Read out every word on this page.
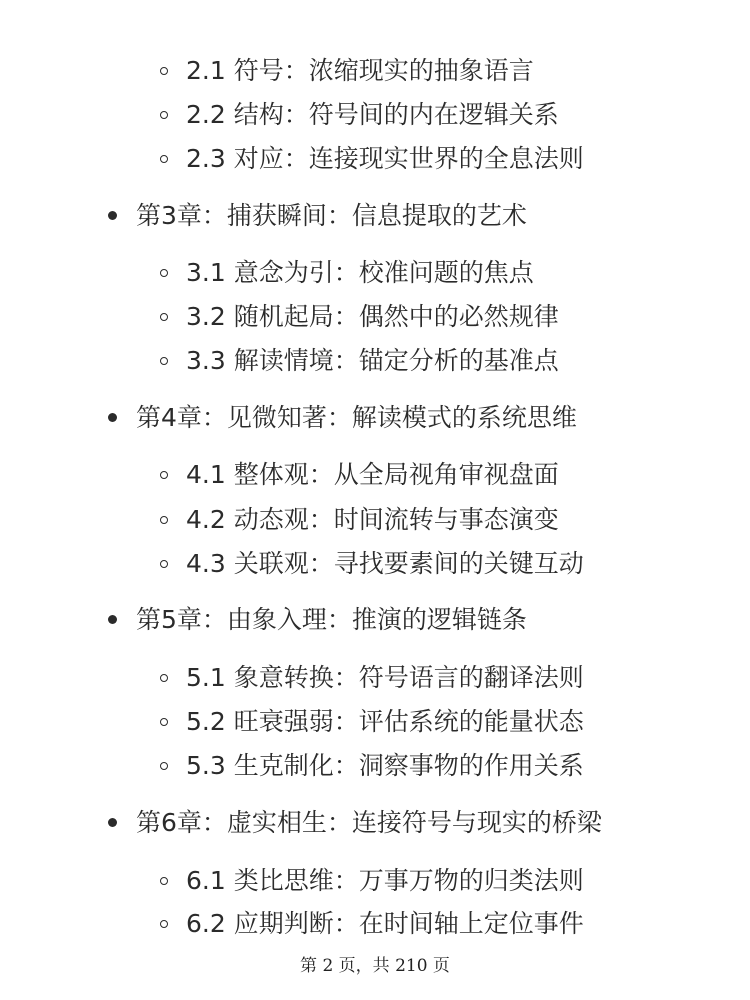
2.1 符号：浓缩现实的抽象语言
2.2 结构：符号间的内在逻辑关系
2.3 对应：连接现实世界的全息法则
第3章：捕获瞬间：信息提取的艺术
3.1 意念为引：校准问题的焦点
3.2 随机起局：偶然中的必然规律
3.3 解读情境：锚定分析的基准点
第4章：见微知著：解读模式的系统思维
4.1 整体观：从全局视角审视盘面
4.2 动态观：时间流转与事态演变
4.3 关联观：寻找要素间的关键互动
第5章：由象入理：推演的逻辑链条
5.1 象意转换：符号语言的翻译法则
5.2 旺衰强弱：评估系统的能量状态
5.3 生克制化：洞察事物的作用关系
第6章：虚实相生：连接符号与现实的桥梁
6.1 类比思维：万事万物的归类法则
6.2 应期判断：在时间轴上定位事件
第 2 页，共 210 页
